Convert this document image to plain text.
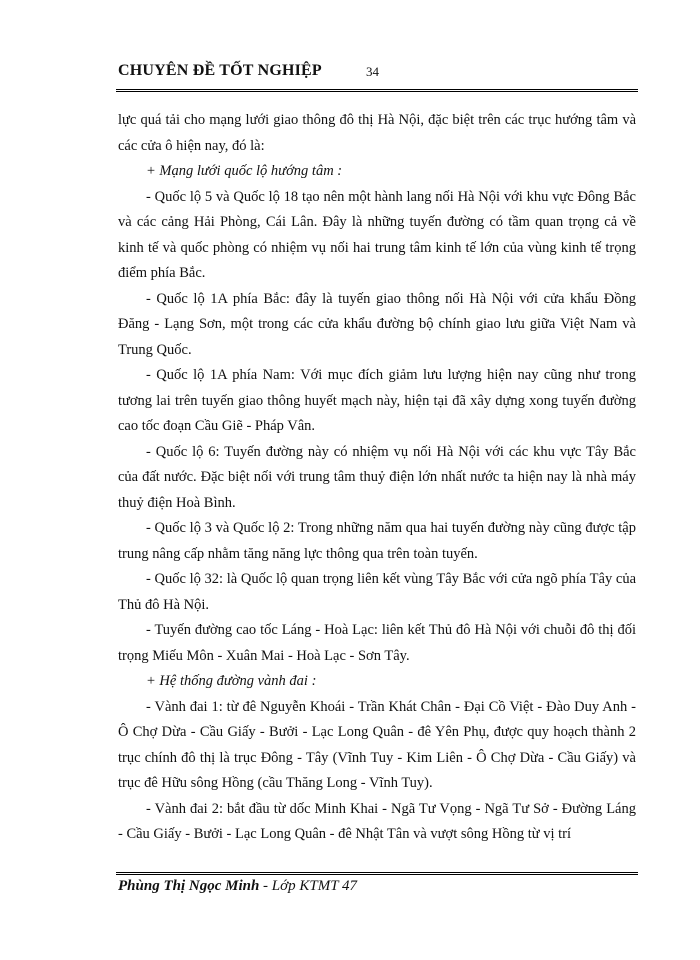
CHUYÊN ĐỀ TỐT NGHIỆP	34

lực quá tải cho mạng lưới giao thông đô thị Hà Nội, đặc biệt trên các trục hướng tâm và các cửa ô hiện nay, đó là:

+ Mạng lưới quốc lộ hướng tâm :

- Quốc lộ 5 và Quốc lộ 18 tạo nên một hành lang nối Hà Nội với khu vực Đông Bắc và các cảng Hải Phòng, Cái Lân. Đây là những tuyến đường có tầm quan trọng cả về kinh tế và quốc phòng có nhiệm vụ nối hai trung tâm kinh tế lớn của vùng kinh tế trọng điểm phía Bắc.

- Quốc lộ 1A phía Bắc: đây là tuyến giao thông nối Hà Nội với cửa khẩu Đồng Đăng - Lạng Sơn, một trong các cửa khẩu đường bộ chính giao lưu giữa Việt Nam và Trung Quốc.

- Quốc lộ 1A phía Nam: Với mục đích giảm lưu lượng hiện nay cũng như trong tương lai trên tuyến giao thông huyết mạch này, hiện tại đã xây dựng xong tuyến đường cao tốc đoạn Cầu Giẽ - Pháp Vân.

- Quốc lộ 6: Tuyến đường này có nhiệm vụ nối Hà Nội với các khu vực Tây Bắc của đất nước. Đặc biệt nối với trung tâm thuỷ điện lớn nhất nước ta hiện nay là nhà máy thuỷ điện Hoà Bình.

- Quốc lộ 3 và Quốc lộ 2: Trong những năm qua hai tuyến đường này cũng được tập trung nâng cấp nhằm tăng năng lực thông qua trên toàn tuyến.

- Quốc lộ 32: là Quốc lộ quan trọng liên kết vùng Tây Bắc với cửa ngõ phía Tây của Thủ đô Hà Nội.

- Tuyến đường cao tốc Láng - Hoà Lạc: liên kết Thủ đô Hà Nội với chuỗi đô thị đối trọng Miếu Môn - Xuân Mai - Hoà Lạc - Sơn Tây.

+ Hệ thống đường vành đai :

- Vành đai 1: từ đê Nguyễn Khoái - Trần Khát Chân - Đại Cồ Việt - Đào Duy Anh - Ô Chợ Dừa - Cầu Giấy - Bưởi - Lạc Long Quân - đê Yên Phụ, được quy hoạch thành 2 trục chính đô thị là trục Đông - Tây (Vĩnh Tuy - Kim Liên - Ô Chợ Dừa - Cầu Giấy) và trục đê Hữu sông Hồng (cầu Thăng Long - Vĩnh Tuy).

- Vành đai 2: bắt đầu từ dốc Minh Khai - Ngã Tư Vọng - Ngã Tư Sở - Đường Láng - Cầu Giấy - Bưởi - Lạc Long Quân - đê Nhật Tân và vượt sông Hồng từ vị trí

Phùng Thị Ngọc Minh - Lớp KTMT 47
